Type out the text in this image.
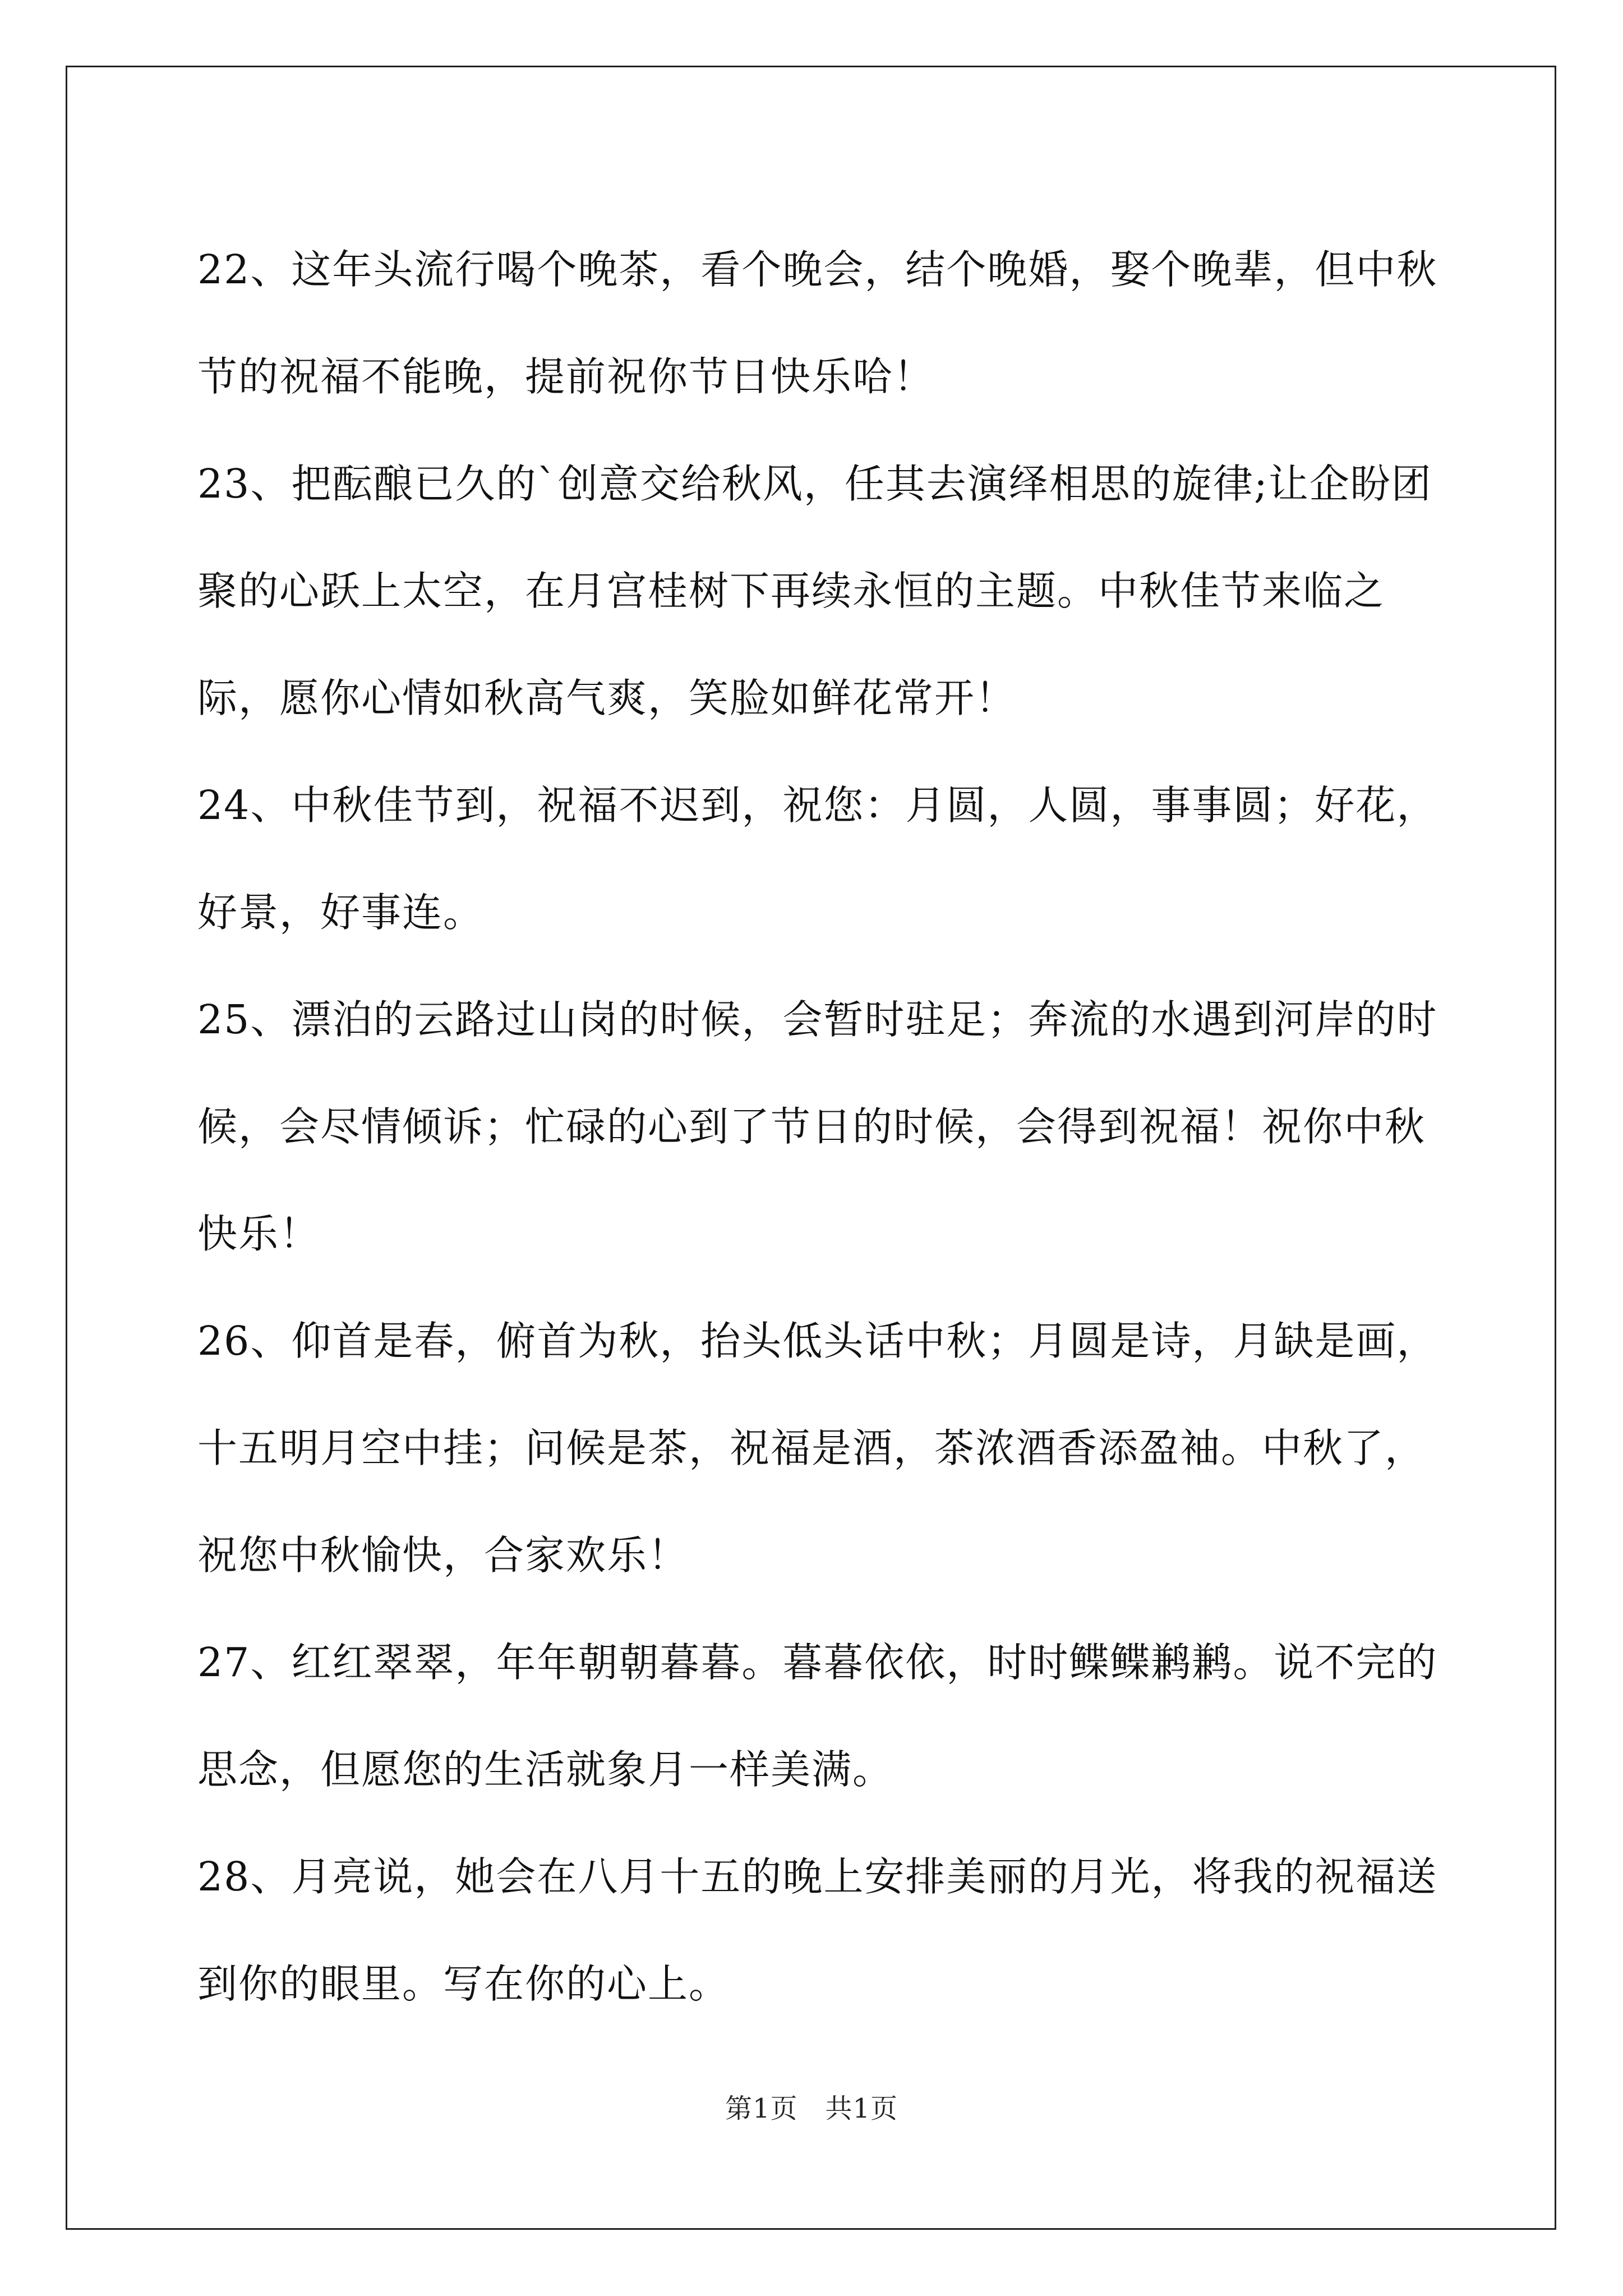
22、这年头流行喝个晚茶，看个晚会，结个晚婚，娶个晚辈，但中秋节的祝福不能晚，提前祝你节日快乐哈！

23、把酝酿已久的`创意交给秋风，任其去演绎相思的旋律;让企盼团聚的心跃上太空，在月宫桂树下再续永恒的主题。中秋佳节来临之际，愿你心情如秋高气爽，笑脸如鲜花常开！

24、中秋佳节到，祝福不迟到，祝您：月圆，人圆，事事圆；好花，好景，好事连。

25、漂泊的云路过山岗的时候，会暂时驻足；奔流的水遇到河岸的时候，会尽情倾诉；忙碌的心到了节日的时候，会得到祝福！祝你中秋快乐！

26、仰首是春，俯首为秋，抬头低头话中秋；月圆是诗，月缺是画，十五明月空中挂；问候是茶，祝福是酒，茶浓酒香添盈袖。中秋了，祝您中秋愉快，合家欢乐！

27、红红翠翠，年年朝朝暮暮。暮暮依依，时时鲽鲽鹣鹣。说不完的思念，但愿您的生活就象月一样美满。

28、月亮说，她会在八月十五的晚上安排美丽的月光，将我的祝福送到你的眼里。写在你的心上。

第1页　共1页
